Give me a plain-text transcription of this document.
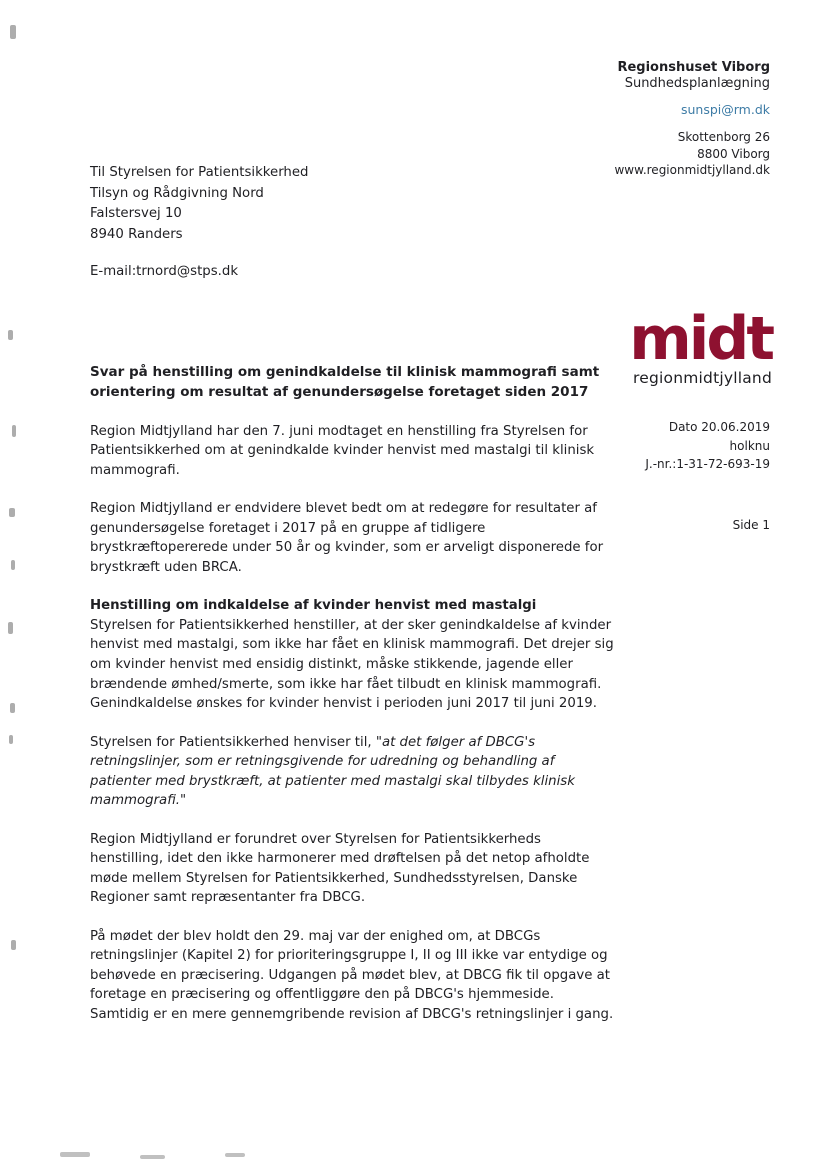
Regionshuset Viborg
Sundhedsplanlægning
sunspi@rm.dk
Skottenborg 26
8800 Viborg
www.regionmidtjylland.dk
Til Styrelsen for Patientsikkerhed
Tilsyn og Rådgivning Nord
Falstersvej 10
8940 Randers
E-mail:trnord@stps.dk
midt
regionmidtjylland
Dato 20.06.2019
holknu
J.-nr.:1-31-72-693-19
Side 1
Svar på henstilling om genindkaldelse til klinisk mammografi samt orientering om resultat af genundersøgelse foretaget siden 2017

Region Midtjylland har den 7. juni modtaget en henstilling fra Styrelsen for Patientsikkerhed om at genindkalde kvinder henvist med mastalgi til klinisk mammografi.

Region Midtjylland er endvidere blevet bedt om at redegøre for resultater af genundersøgelse foretaget i 2017 på en gruppe af tidligere brystkræftopererede under 50 år og kvinder, som er arveligt disponerede for brystkræft uden BRCA.

Henstilling om indkaldelse af kvinder henvist med mastalgi

Styrelsen for Patientsikkerhed henstiller, at der sker genindkaldelse af kvinder henvist med mastalgi, som ikke har fået en klinisk mammografi. Det drejer sig om kvinder henvist med ensidig distinkt, måske stikkende, jagende eller brændende ømhed/smerte, som ikke har fået tilbudt en klinisk mammografi. Genindkaldelse ønskes for kvinder henvist i perioden juni 2017 til juni 2019.

Styrelsen for Patientsikkerhed henviser til, "at det følger af DBCG's retningslinjer, som er retningsgivende for udredning og behandling af patienter med brystkræft, at patienter med mastalgi skal tilbydes klinisk mammografi."

Region Midtjylland er forundret over Styrelsen for Patientsikkerheds henstilling, idet den ikke harmonerer med drøftelsen på det netop afholdte møde mellem Styrelsen for Patientsikkerhed, Sundhedsstyrelsen, Danske Regioner samt repræsentanter fra DBCG.

På mødet der blev holdt den 29. maj var der enighed om, at DBCGs retningslinjer (Kapitel 2) for prioriteringsgruppe I, II og III ikke var entydige og behøvede en præcisering. Udgangen på mødet blev, at DBCG fik til opgave at foretage en præcisering og offentliggøre den på DBCG's hjemmeside. Samtidig er en mere gennemgribende revision af DBCG's retningslinjer i gang.
